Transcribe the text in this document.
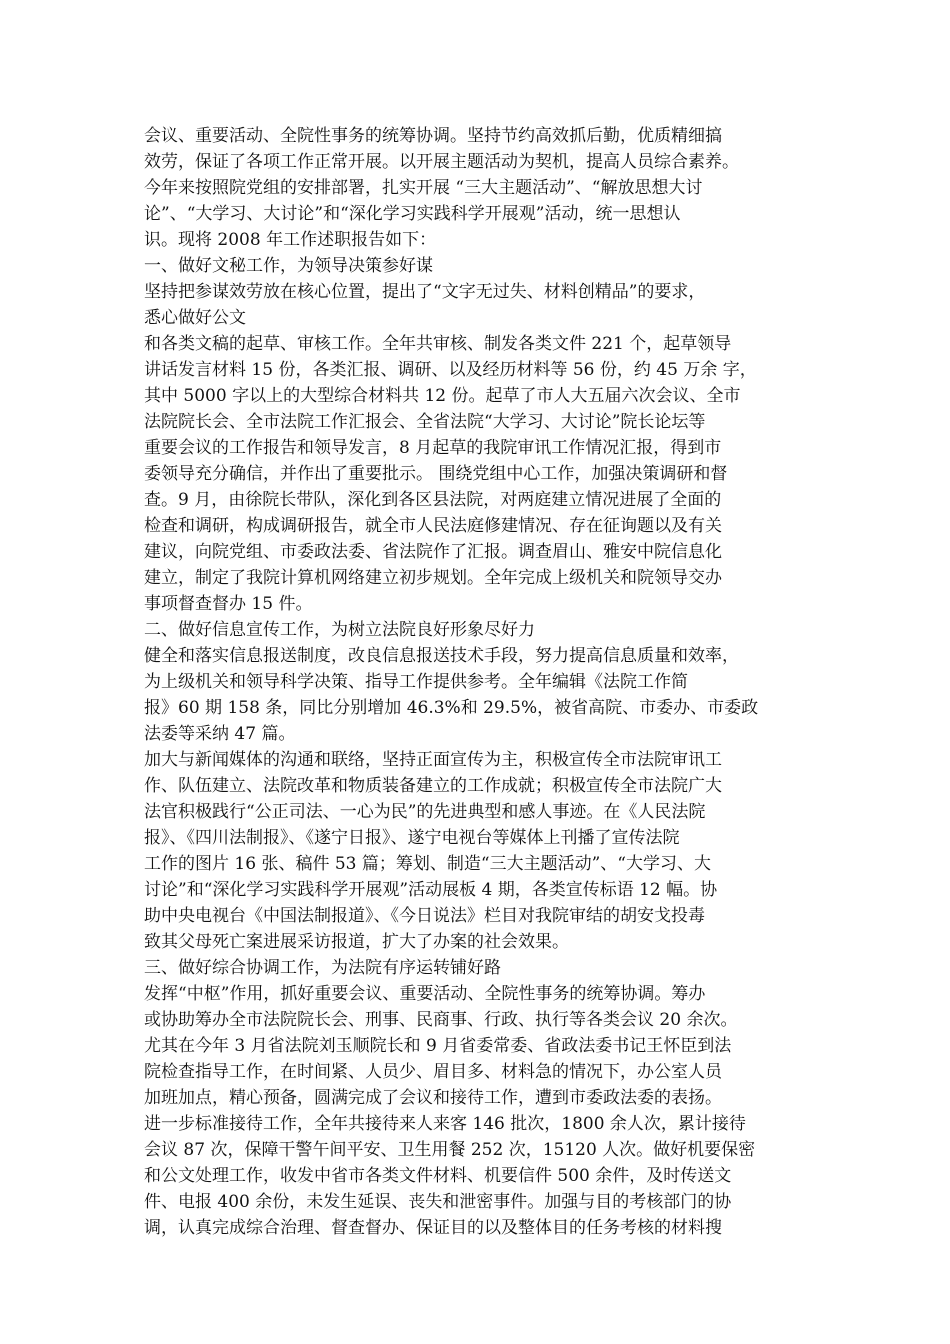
会议、重要活动、全院性事务的统筹协调。坚持节约高效抓后勤，优质精细搞
效劳，保证了各项工作正常开展。以开展主题活动为契机，提高人员综合素养。
今年来按照院党组的安排部署，扎实开展 “三大主题活动”、“解放思想大讨
论”、“大学习、大讨论”和“深化学习实践科学开展观”活动，统一思想认
识。现将 2008 年工作述职报告如下：
一、做好文秘工作，为领导决策参好谋
坚持把参谋效劳放在核心位置，提出了“文字无过失、材料创精品”的要求，
悉心做好公文
和各类文稿的起草、审核工作。全年共审核、制发各类文件 221 个，起草领导
讲话发言材料 15 份，各类汇报、调研、以及经历材料等 56 份，约 45 万余 字，
其中 5000 字以上的大型综合材料共 12 份。起草了市人大五届六次会议、全市
法院院长会、全市法院工作汇报会、全省法院“大学习、大讨论”院长论坛等
重要会议的工作报告和领导发言，8 月起草的我院审讯工作情况汇报，得到市
委领导充分确信，并作出了重要批示。 围绕党组中心工作，加强决策调研和督
查。9 月，由徐院长带队，深化到各区县法院，对两庭建立情况进展了全面的
检查和调研，构成调研报告，就全市人民法庭修建情况、存在征询题以及有关
建议，向院党组、市委政法委、省法院作了汇报。调查眉山、雅安中院信息化
建立，制定了我院计算机网络建立初步规划。全年完成上级机关和院领导交办
事项督查督办 15 件。
二、做好信息宣传工作，为树立法院良好形象尽好力
健全和落实信息报送制度，改良信息报送技术手段，努力提高信息质量和效率，
为上级机关和领导科学决策、指导工作提供参考。全年编辑《法院工作简
报》60 期 158 条，同比分别增加 46.3%和 29.5%，被省高院、市委办、市委政
法委等采纳 47 篇。
加大与新闻媒体的沟通和联络，坚持正面宣传为主，积极宣传全市法院审讯工
作、队伍建立、法院改革和物质装备建立的工作成就；积极宣传全市法院广大
法官积极践行“公正司法、一心为民”的先进典型和感人事迹。在《人民法院
报》、《四川法制报》、《遂宁日报》、遂宁电视台等媒体上刊播了宣传法院
工作的图片 16 张、稿件 53 篇；筹划、制造“三大主题活动”、“大学习、大
讨论”和“深化学习实践科学开展观”活动展板 4 期，各类宣传标语 12 幅。协
助中央电视台《中国法制报道》、《今日说法》栏目对我院审结的胡安戈投毒
致其父母死亡案进展采访报道，扩大了办案的社会效果。
三、做好综合协调工作，为法院有序运转铺好路
发挥“中枢”作用，抓好重要会议、重要活动、全院性事务的统筹协调。筹办
或协助筹办全市法院院长会、刑事、民商事、行政、执行等各类会议 20 余次。
尤其在今年 3 月省法院刘玉顺院长和 9 月省委常委、省政法委书记王怀臣到法
院检查指导工作，在时间紧、人员少、眉目多、材料急的情况下，办公室人员
加班加点，精心预备，圆满完成了会议和接待工作，遭到市委政法委的表扬。
进一步标准接待工作，全年共接待来人来客 146 批次，1800 余人次，累计接待
会议 87 次，保障干警午间平安、卫生用餐 252 次，15120 人次。做好机要保密
和公文处理工作，收发中省市各类文件材料、机要信件 500 余件，及时传送文
件、电报 400 余份，未发生延误、丧失和泄密事件。加强与目的考核部门的协
调，认真完成综合治理、督查督办、保证目的以及整体目的任务考核的材料搜
